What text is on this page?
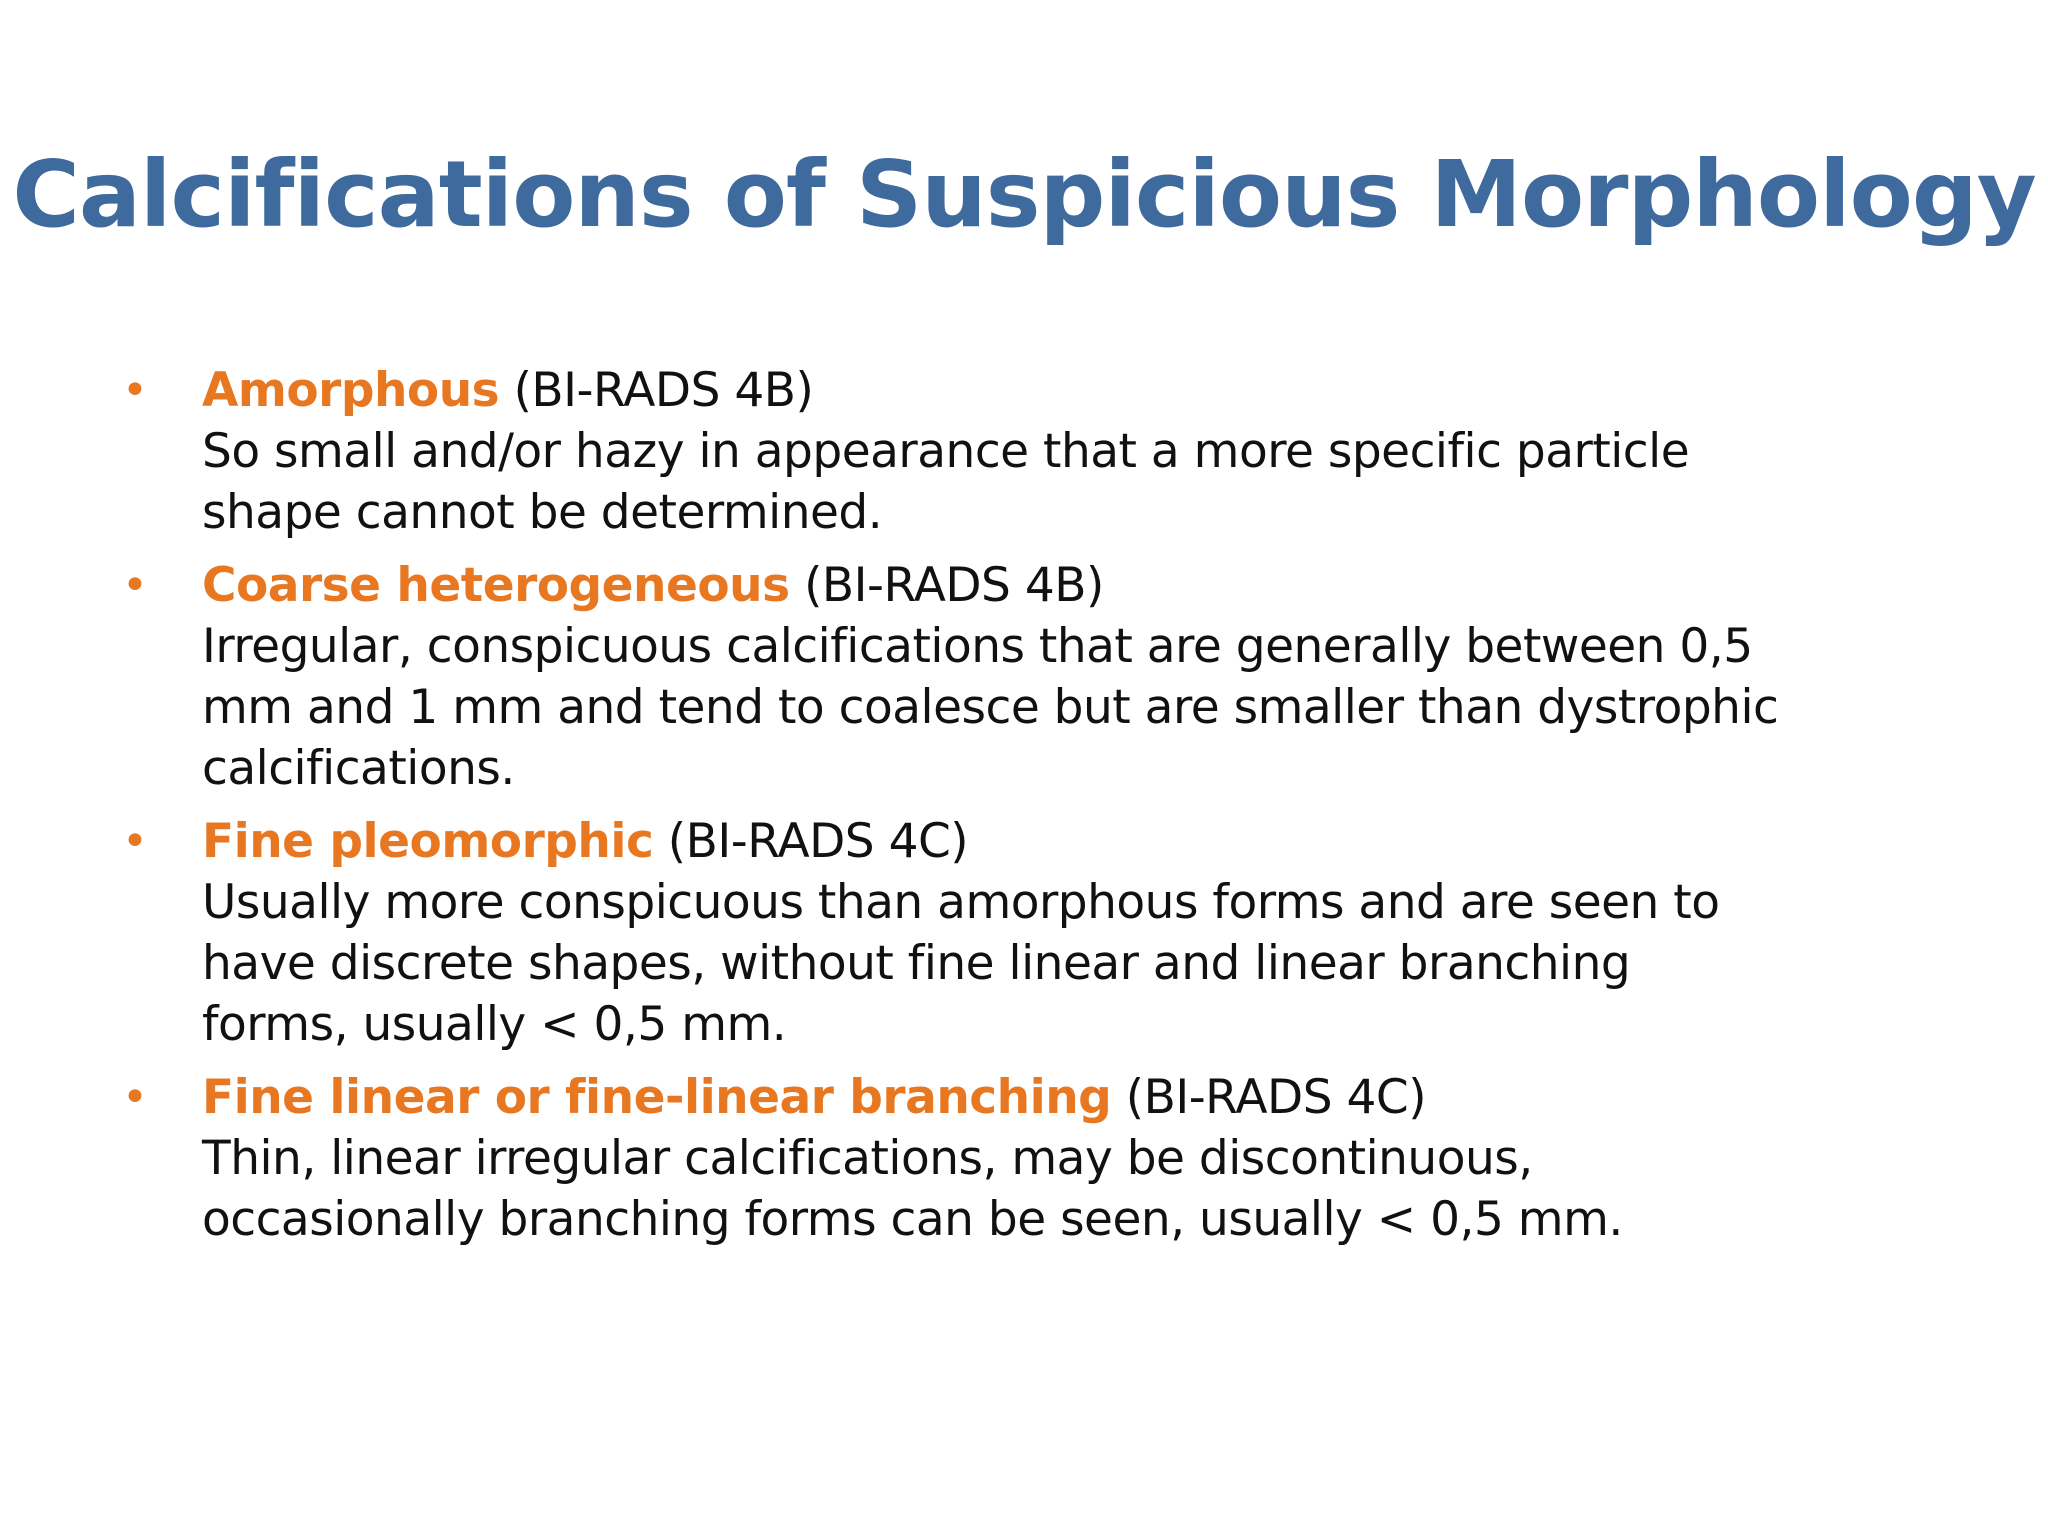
Calcifications of Suspicious Morphology
• Amorphous (BI-RADS 4B)
So small and/or hazy in appearance that a more specific particle
shape cannot be determined.
• Coarse heterogeneous (BI-RADS 4B)
Irregular, conspicuous calcifications that are generally between 0,5
mm and 1 mm and tend to coalesce but are smaller than dystrophic
calcifications.
• Fine pleomorphic (BI-RADS 4C)
Usually more conspicuous than amorphous forms and are seen to
have discrete shapes, without fine linear and linear branching
forms, usually < 0,5 mm.
• Fine linear or fine-linear branching (BI-RADS 4C)
Thin, linear irregular calcifications, may be discontinuous,
occasionally branching forms can be seen, usually < 0,5 mm.
